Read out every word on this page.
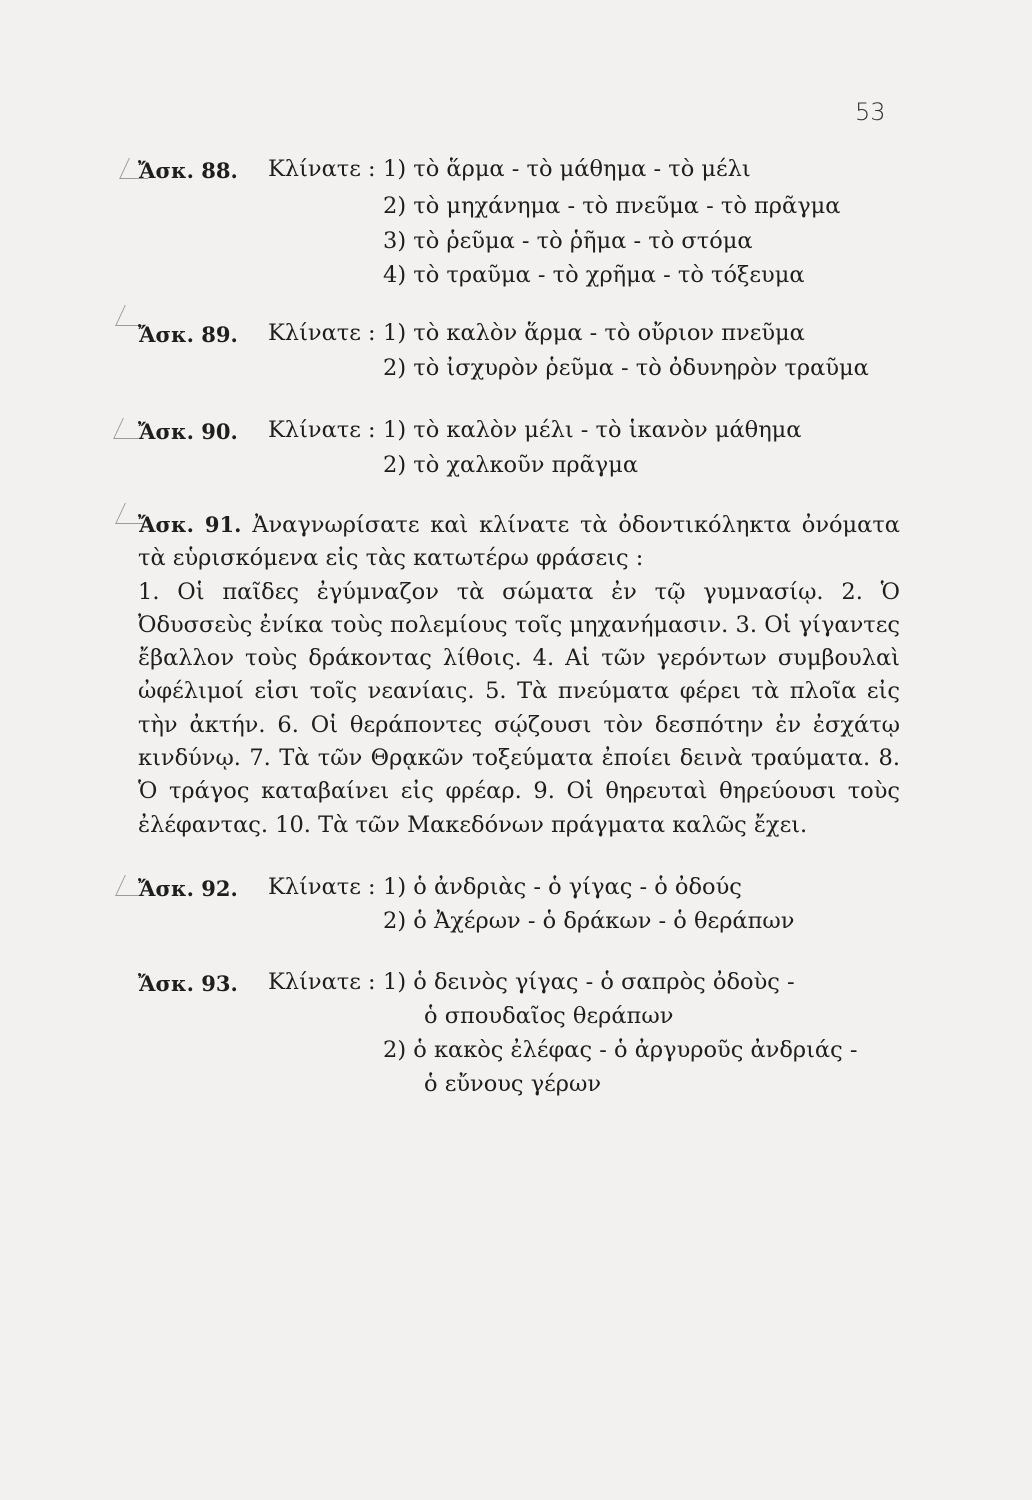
53
Ἄσκ. 88. Κλίνατε : 1) τὸ ἅρμα - τὸ μάθημα - τὸ μέλι
2) τὸ μηχάνημα - τὸ πνεῦμα - τὸ πρᾶγμα
3) τὸ ῥεῦμα - τὸ ῥῆμα - τὸ στόμα
4) τὸ τραῦμα - τὸ χρῆμα - τὸ τόξευμα
Ἄσκ. 89. Κλίνατε : 1) τὸ καλὸν ἅρμα - τὸ οὔριον πνεῦμα
2) τὸ ἰσχυρὸν ῥεῦμα - τὸ ὀδυνηρὸν τραῦμα
Ἄσκ. 90. Κλίνατε : 1) τὸ καλὸν μέλι - τὸ ἱκανὸν μάθημα
2) τὸ χαλκοῦν πρᾶγμα

Ἄσκ. 91. Ἀναγνωρίσατε καὶ κλίνατε τὰ ὀδοντικόληκτα ὀνόματα τὰ εὑρισκόμενα εἰς τὰς κατωτέρω φράσεις :

1. Οἱ παῖδες ἐγύμναζον τὰ σώματα ἐν τῷ γυμνασίῳ. 2. Ὁ Ὀδυσσεὺς ἐνίκα τοὺς πολεμίους τοῖς μηχανήμασιν. 3. Οἱ γίγαντες ἔβαλλον τοὺς δράκοντας λίθοις. 4. Αἱ τῶν γερόντων συμβουλαὶ ὠφέλιμοί εἰσι τοῖς νεανίαις. 5. Τὰ πνεύματα φέρει τὰ πλοῖα εἰς τὴν ἀκτήν. 6. Οἱ θεράποντες σῴζουσι τὸν δεσπότην ἐν ἐσχάτῳ κινδύνῳ. 7. Τὰ τῶν Θρᾳκῶν τοξεύματα ἐποίει δεινὰ τραύματα. 8. Ὁ τράγος καταβαίνει εἰς φρέαρ. 9. Οἱ θηρευταὶ θηρεύουσι τοὺς ἐλέφαντας. 10. Τὰ τῶν Μακεδόνων πράγματα καλῶς ἔχει.

Ἄσκ. 92. Κλίνατε : 1) ὁ ἀνδριὰς - ὁ γίγας - ὁ ὀδούς
2) ὁ Ἀχέρων - ὁ δράκων - ὁ θεράπων
Ἄσκ. 93. Κλίνατε : 1) ὁ δεινὸς γίγας - ὁ σαπρὸς ὀδοὺς -
ὁ σπουδαῖος θεράπων
2) ὁ κακὸς ἐλέφας - ὁ ἀργυροῦς ἀνδριάς -
ὁ εὔνους γέρων
